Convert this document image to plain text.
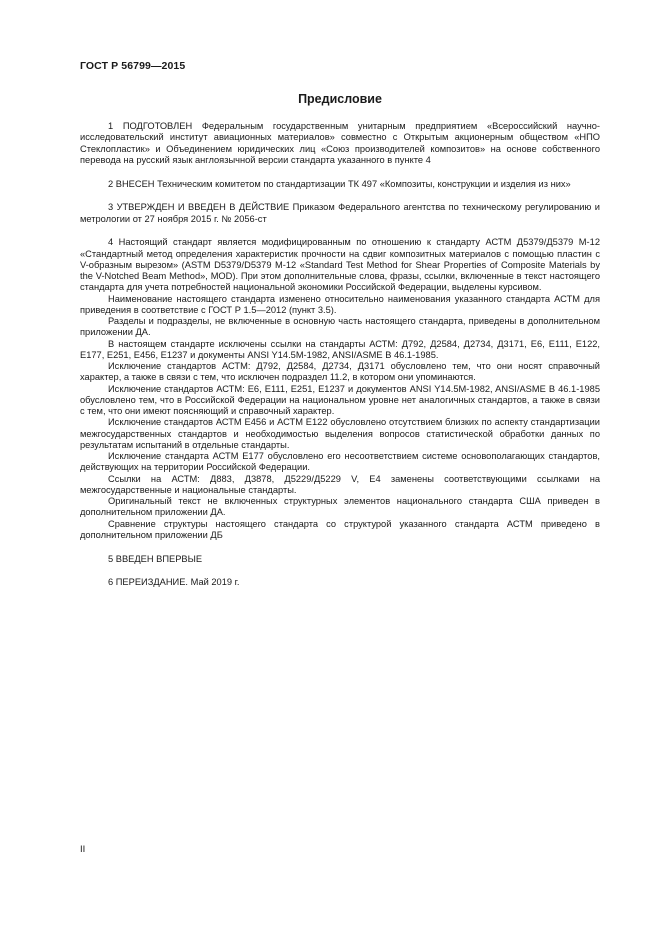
ГОСТ Р 56799—2015
Предисловие

1 ПОДГОТОВЛЕН Федеральным государственным унитарным предприятием «Всероссийский научно-исследовательский институт авиационных материалов» совместно с Открытым акционерным обществом «НПО Стеклопластик» и Объединением юридических лиц «Союз производителей композитов» на основе собственного перевода на русский язык англоязычной версии стандарта указанного в пункте 4

2 ВНЕСЕН Техническим комитетом по стандартизации ТК 497 «Композиты, конструкции и изделия из них»

3 УТВЕРЖДЕН И ВВЕДЕН В ДЕЙСТВИЕ Приказом Федерального агентства по техническому регулированию и метрологии от 27 ноября 2015 г. № 2056-ст

4 Настоящий стандарт является модифицированным по отношению к стандарту АСТМ Д5379/Д5379 М-12 «Стандартный метод определения характеристик прочности на сдвиг композитных материалов с помощью пластин с V-образным вырезом» (ASTM D5379/D5379 М-12 «Standard Test Method for Shear Properties of Composite Materials by the V-Notched Beam Method», MOD). При этом дополнительные слова, фразы, ссылки, включенные в текст настоящего стандарта для учета потребностей национальной экономики Российской Федерации, выделены курсивом.

Наименование настоящего стандарта изменено относительно наименования указанного стандарта АСТМ для приведения в соответствие с ГОСТ Р 1.5—2012 (пункт 3.5).

Разделы и подразделы, не включенные в основную часть настоящего стандарта, приведены в дополнительном приложении ДА.

В настоящем стандарте исключены ссылки на стандарты АСТМ: Д792, Д2584, Д2734, Д3171, Е6, Е111, Е122, Е177, Е251, Е456, Е1237 и документы ANSI Y14.5M-1982, ANSI/ASME В 46.1-1985.

Исключение стандартов АСТМ: Д792, Д2584, Д2734, Д3171 обусловлено тем, что они носят справочный характер, а также в связи с тем, что исключен подраздел 11.2, в котором они упоминаются.

Исключение стандартов АСТМ: Е6, Е111, Е251, Е1237 и документов ANSI Y14.5M-1982, ANSI/ASME В 46.1-1985 обусловлено тем, что в Российской Федерации на национальном уровне нет аналогичных стандартов, а также в связи с тем, что они имеют поясняющий и справочный характер.

Исключение стандартов АСТМ Е456 и АСТМ Е122 обусловлено отсутствием близких по аспекту стандартизации межгосударственных стандартов и необходимостью выделения вопросов статистической обработки данных по результатам испытаний в отдельные стандарты.

Исключение стандарта АСТМ Е177 обусловлено его несоответствием системе основополагающих стандартов, действующих на территории Российской Федерации.

Ссылки на АСТМ: Д883, Д3878, Д5229/Д5229 V, Е4 заменены соответствующими ссылками на межгосударственные и национальные стандарты.

Оригинальный текст не включенных структурных элементов национального стандарта США приведен в дополнительном приложении ДА.

Сравнение структуры настоящего стандарта со структурой указанного стандарта АСТМ приведено в дополнительном приложении ДБ

5 ВВЕДЕН ВПЕРВЫЕ

6 ПЕРЕИЗДАНИЕ. Май 2019 г.

II
